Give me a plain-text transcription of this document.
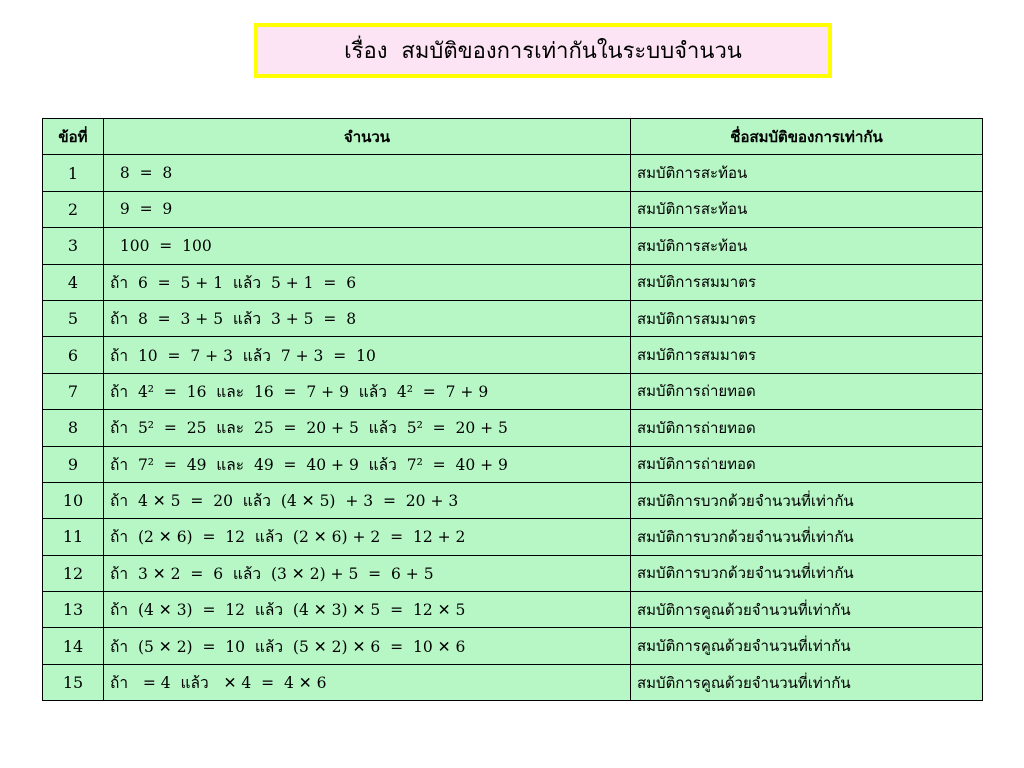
เรื่อง  สมบัติของการเท่ากันในระบบจำนวน
ข้อที่	จำนวน	ชื่อสมบัติของการเท่ากัน
1	8  =  8	สมบัติการสะท้อน
2	9  =  9	สมบัติการสะท้อน
3	100  =  100	สมบัติการสะท้อน
4	ถ้า  6  =  5 + 1  แล้ว  5 + 1  =  6	สมบัติการสมมาตร
5	ถ้า  8  =  3 + 5  แล้ว  3 + 5  =  8	สมบัติการสมมาตร
6	ถ้า  10  =  7 + 3  แล้ว  7 + 3  =  10	สมบัติการสมมาตร
7	ถ้า  4²  =  16  และ  16  =  7 + 9  แล้ว  4²  =  7 + 9	สมบัติการถ่ายทอด
8	ถ้า  5²  =  25  และ  25  =  20 + 5  แล้ว  5²  =  20 + 5	สมบัติการถ่ายทอด
9	ถ้า  7²  =  49  และ  49  =  40 + 9  แล้ว  7²  =  40 + 9	สมบัติการถ่ายทอด
10	ถ้า  4 ✕ 5  =  20  แล้ว  (4 ✕ 5)  + 3  =  20 + 3	สมบัติการบวกด้วยจำนวนที่เท่ากัน
11	ถ้า  (2 ✕ 6)  =  12  แล้ว  (2 ✕ 6) + 2  =  12 + 2	สมบัติการบวกด้วยจำนวนที่เท่ากัน
12	ถ้า  3 ✕ 2  =  6  แล้ว  (3 ✕ 2) + 5  =  6 + 5	สมบัติการบวกด้วยจำนวนที่เท่ากัน
13	ถ้า  (4 ✕ 3)  =  12  แล้ว  (4 ✕ 3) ✕ 5  =  12 ✕ 5	สมบัติการคูณด้วยจำนวนที่เท่ากัน
14	ถ้า  (5 ✕ 2)  =  10  แล้ว  (5 ✕ 2) ✕ 6  =  10 ✕ 6	สมบัติการคูณด้วยจำนวนที่เท่ากัน
15	ถ้า   = 4  แล้ว   ✕ 4  =  4 ✕ 6	สมบัติการคูณด้วยจำนวนที่เท่ากัน
